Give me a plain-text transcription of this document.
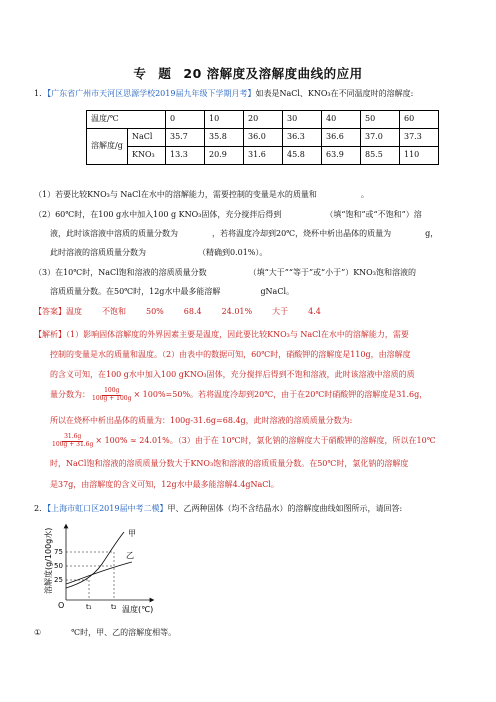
专 题 20 溶解度及溶解度曲线的应用
1．【广东省广州市天河区思源学校2019届九年级下学期月考】如表是NaCl、KNO₃在不同温度时的溶解度:
温度/℃		0	10	20	30	40	50	60
溶解度/g	NaCl	35.7	35.8	36.0	36.3	36.6	37.0	37.3
	KNO₃	13.3	20.9	31.6	45.8	63.9	85.5	110
（1）若要比较KNO₃与 NaCl在水中的溶解能力，需要控制的变量是水的质量和	。
（2）60℃时，在100 g水中加入100 g KNO₃固体，充分搅拌后得到	（填“饱和”或“不饱和”）溶
液，此时该溶液中溶质的质量分数为	，若将温度冷却到20℃，烧杯中析出晶体的质量为	g，
此时溶液的溶质质量分数为	（精确到0.01%）。
（3）在10℃时，NaCl饱和溶液的溶质质量分数	（填“大于”“等于”或“小于”）KNO₃饱和溶液的
溶质质量分数。在50℃时，12g水中最多能溶解	gNaCl。
【答案】温度	不饱和	50%	68.4	24.01%	大于	4.4
【解析】（1）影响固体溶解度的外界因素主要是温度，因此要比较KNO₃与 NaCl在水中的溶解能力，需要
控制的变量是水的质量和温度。（2）由表中的数据可知，60℃时，硝酸钾的溶解度是110g，由溶解度
的含义可知，在100 g水中加入100 gKNO₃固体，充分搅拌后得到不饱和溶液，此时该溶液中溶质的质
量分数为： $\frac{100g}{100g + 100g} \times 100\%=50\%$。若将温度冷却到20℃，由于在20℃时硝酸钾的溶解度是31.6g，
所以在烧杯中析出晶体的质量为：100g-31.6g=68.4g，此时溶液的溶质质量分数为:
$\frac{31.6g}{100g + 31.6g} \times 100\% \approx 24.01\%$。（3）由于在 10℃时，氯化钠的溶解度大于硝酸钾的溶解度，所以在10℃
时，NaCl饱和溶液的溶质质量分数大于KNO₃饱和溶液的溶质质量分数。在50℃时，氯化钠的溶解度
是37g，由溶解度的含义可知，12g水中最多能溶解4.4gNaCl。
2．【上海市虹口区2019届中考二模】甲、乙两种固体（均不含结晶水）的溶解度曲线如图所示，请回答:
溶解度(g/100g水)
O
75
50
25
甲
乙
t₁	t₂ 温度(℃)
①	℃时，甲、乙的溶解度相等。
